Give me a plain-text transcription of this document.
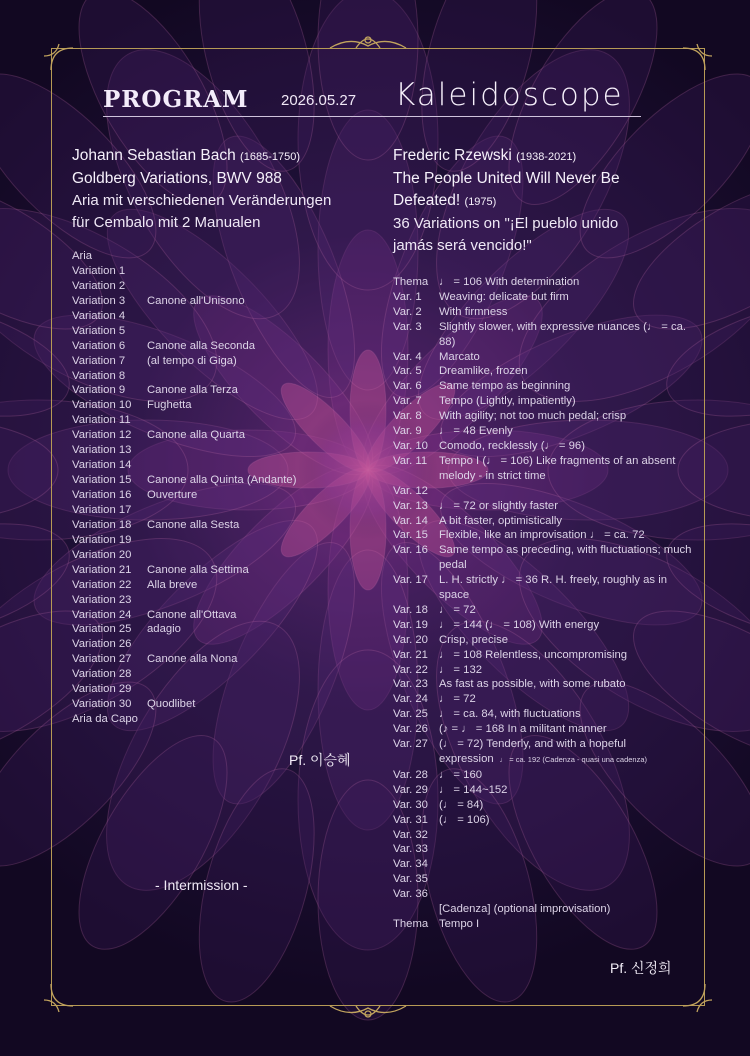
PROGRAM 2026.05.27 Kaleidoscope
Johann Sebastian Bach (1685-1750)
Goldberg Variations, BWV 988
Aria mit verschiedenen Veränderungen
für Cembalo mit 2 Manualen
Aria
Variation 1
Variation 2
Variation 3 Canone all'Unisono
Variation 4
Variation 5
Variation 6 Canone alla Seconda
Variation 7 (al tempo di Giga)
Variation 8
Variation 9 Canone alla Terza
Variation 10 Fughetta
Variation 11
Variation 12 Canone alla Quarta
Variation 13
Variation 14
Variation 15 Canone alla Quinta (Andante)
Variation 16 Ouverture
Variation 17
Variation 18 Canone alla Sesta
Variation 19
Variation 20
Variation 21 Canone alla Settima
Variation 22 Alla breve
Variation 23
Variation 24 Canone all'Ottava
Variation 25 adagio
Variation 26
Variation 27 Canone alla Nona
Variation 28
Variation 29
Variation 30 Quodlibet
Aria da Capo
Pf. 이승혜
- Intermission -
Frederic Rzewski (1938-2021)
The People United Will Never Be
Defeated! (1975)
36 Variations on "¡El pueblo unido
jamás será vencido!"
Thema ♩ = 106 With determination
Var. 1 Weaving: delicate but firm
Var. 2 With firmness
Var. 3 Slightly slower, with expressive nuances (♩ = ca. 88)
Var. 4 Marcato
Var. 5 Dreamlike, frozen
Var. 6 Same tempo as beginning
Var. 7 Tempo (Lightly, impatiently)
Var. 8 With agility; not too much pedal; crisp
Var. 9 ♩ = 48 Evenly
Var. 10 Comodo, recklessly (♩ = 96)
Var. 11 Tempo I (♩ = 106) Like fragments of an absent melody - in strict time
Var. 12

Var. 13 ♩ = 72 or slightly faster
Var. 14 A bit faster, optimistically
Var. 15 Flexible, like an improvisation ♩ = ca. 72
Var. 16 Same tempo as preceding, with fluctuations; much pedal
Var. 17 L. H. strictly ♩ = 36 R. H. freely, roughly as in space
Var. 18 ♩ = 72
Var. 19 ♩ = 144 (♩ = 108) With energy
Var. 20 Crisp, precise
Var. 21 ♩ = 108 Relentless, uncompromising
Var. 22 ♩ = 132
Var. 23 As fast as possible, with some rubato
Var. 24 ♩ = 72
Var. 25 ♩ = ca. 84, with fluctuations
Var. 26 (♪ = ♩ = 168 In a militant manner
Var. 27 (♩ = 72) Tenderly, and with a hopeful expression ♩ = ca. 192 (Cadenza - quasi una cadenza)
Var. 28 ♩ = 160
Var. 29 ♩ = 144~152
Var. 30 (♩ = 84)
Var. 31 (♩ = 106)
Var. 32

Var. 33

Var. 34

Var. 35

Var. 36

[Cadenza] (optional improvisation)
Thema Tempo I
Pf. 신정희
